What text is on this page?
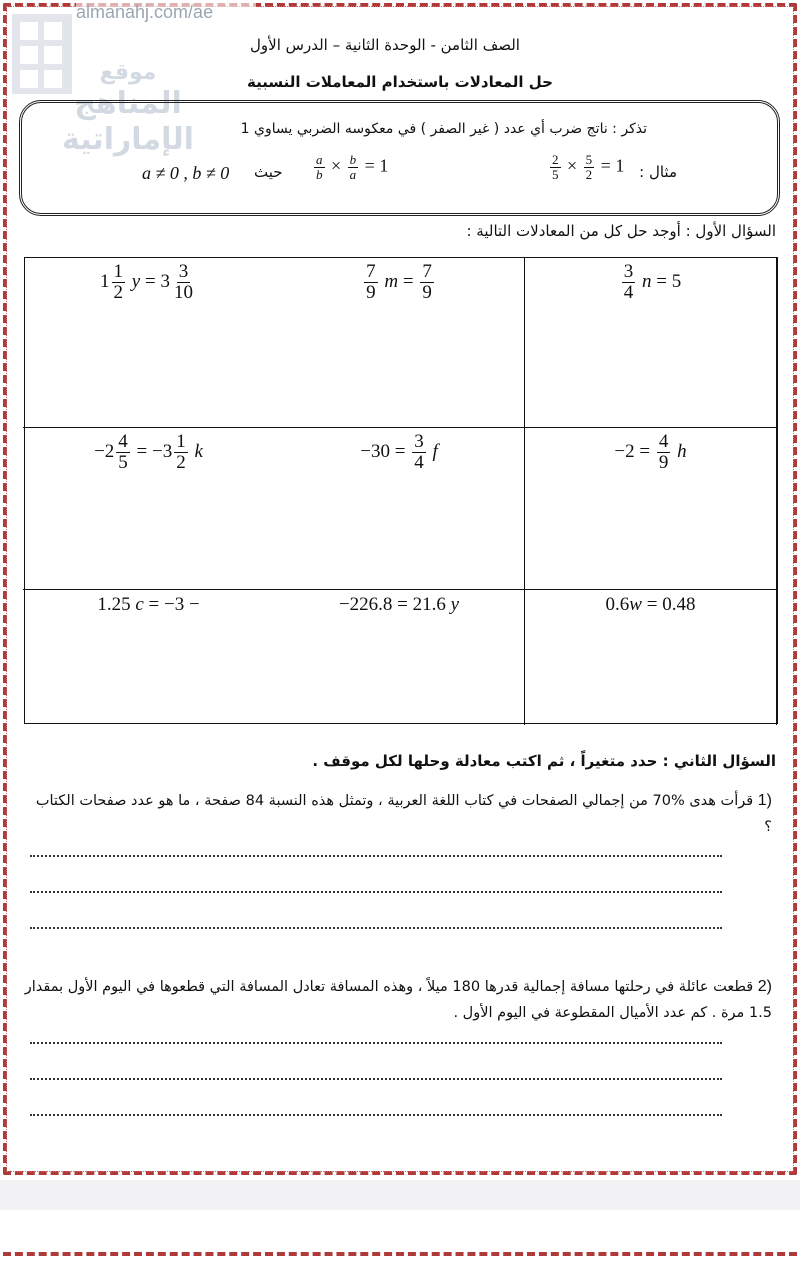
almanahj.com/ae
موقع
المناهج الإماراتية
الصف الثامن - الوحدة الثانية – الدرس الأول
حل المعادلات باستخدام المعاملات النسبية
تذكر : ناتج ضرب أي عدد ( غير الصفر ) في معكوسه الضربي يساوي 1
مثال :
$\frac{2}{5} \times \frac{5}{2} = 1$
$\frac{a}{b} \times \frac{b}{a} = 1$
حيث
a ≠ 0 , b ≠ 0
السؤال الأول : أوجد حل كل من المعادلات التالية :
$\frac{3}{4}$ n = 5
$\frac{7}{9}$ $m = \frac{7}{9}$
$1 \frac{1}{2}$ $y = 3 \frac{3}{10}$
$-2 = \frac{4}{9}$ h
$-30 = \frac{3}{4}$ f
$-2 \frac{4}{5} = -3 \frac{1}{2}$ k
0.6w = 0.48
−226.8 = 21.6 y
1.25 c = −3 −
السؤال الثاني : حدد متغيراً ، ثم اكتب معادلة وحلها لكل موقف .
(1 قرأت هدى %70 من إجمالي الصفحات في كتاب اللغة العربية ، وتمثل هذه النسبة 84 صفحة ، ما هو عدد صفحات الكتاب ؟
(2 قطعت عائلة في رحلتها مسافة إجمالية قدرها 180 ميلاً ، وهذه المسافة تعادل المسافة التي قطعوها في اليوم الأول بمقدار 1.5 مرة . كم عدد الأميال المقطوعة في اليوم الأول .
